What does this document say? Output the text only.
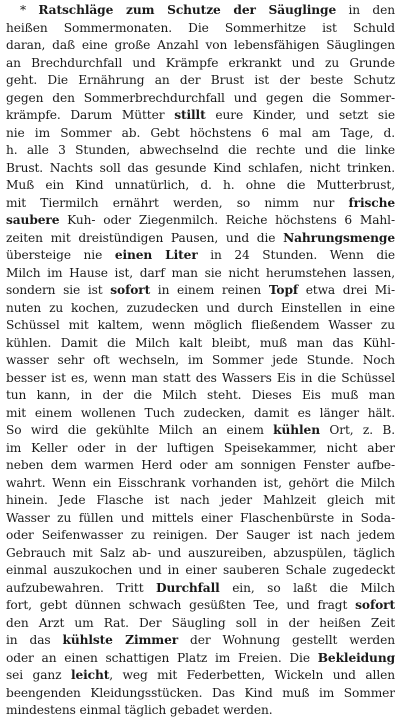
* Ratschläge zum Schutze der Säuglinge in den
heißen Sommermonaten. Die Sommerhitze ist Schuld
daran, daß eine große Anzahl von lebensfähigen Säuglingen
an Brechdurchfall und Krämpfe erkrankt und zu Grunde
geht. Die Ernährung an der Brust ist der beste Schutz
gegen den Sommerbrechdurchfall und gegen die Sommer-
krämpfe. Darum Mütter stillt eure Kinder, und setzt sie
nie im Sommer ab. Gebt höchstens 6 mal am Tage, d.
h. alle 3 Stunden, abwechselnd die rechte und die linke
Brust. Nachts soll das gesunde Kind schlafen, nicht trinken.
Muß ein Kind unnatürlich, d. h. ohne die Mutterbrust,
mit Tiermilch ernährt werden, so nimm nur frische
saubere Kuh- oder Ziegenmilch. Reiche höchstens 6 Mahl-
zeiten mit dreistündigen Pausen, und die Nahrungsmenge
übersteige nie einen Liter in 24 Stunden. Wenn die
Milch im Hause ist, darf man sie nicht herumstehen lassen,
sondern sie ist sofort in einem reinen Topf etwa drei Mi-
nuten zu kochen, zuzudecken und durch Einstellen in eine
Schüssel mit kaltem, wenn möglich fließendem Wasser zu
kühlen. Damit die Milch kalt bleibt, muß man das Kühl-
wasser sehr oft wechseln, im Sommer jede Stunde. Noch
besser ist es, wenn man statt des Wassers Eis in die Schüssel
tun kann, in der die Milch steht. Dieses Eis muß man
mit einem wollenen Tuch zudecken, damit es länger hält.
So wird die gekühlte Milch an einem kühlen Ort, z. B.
im Keller oder in der luftigen Speisekammer, nicht aber
neben dem warmen Herd oder am sonnigen Fenster aufbe-
wahrt. Wenn ein Eisschrank vorhanden ist, gehört die Milch
hinein. Jede Flasche ist nach jeder Mahlzeit gleich mit
Wasser zu füllen und mittels einer Flaschenbürste in Soda-
oder Seifenwasser zu reinigen. Der Sauger ist nach jedem
Gebrauch mit Salz ab- und auszureiben, abzuspülen, täglich
einmal auszukochen und in einer sauberen Schale zugedeckt
aufzubewahren. Tritt Durchfall ein, so laßt die Milch
fort, gebt dünnen schwach gesüßten Tee, und fragt sofort
den Arzt um Rat. Der Säugling soll in der heißen Zeit
in das kühlste Zimmer der Wohnung gestellt werden
oder an einen schattigen Platz im Freien. Die Bekleidung
sei ganz leicht, weg mit Federbetten, Wickeln und allen
beengenden Kleidungsstücken. Das Kind muß im Sommer
mindestens einmal täglich gebadet werden.
